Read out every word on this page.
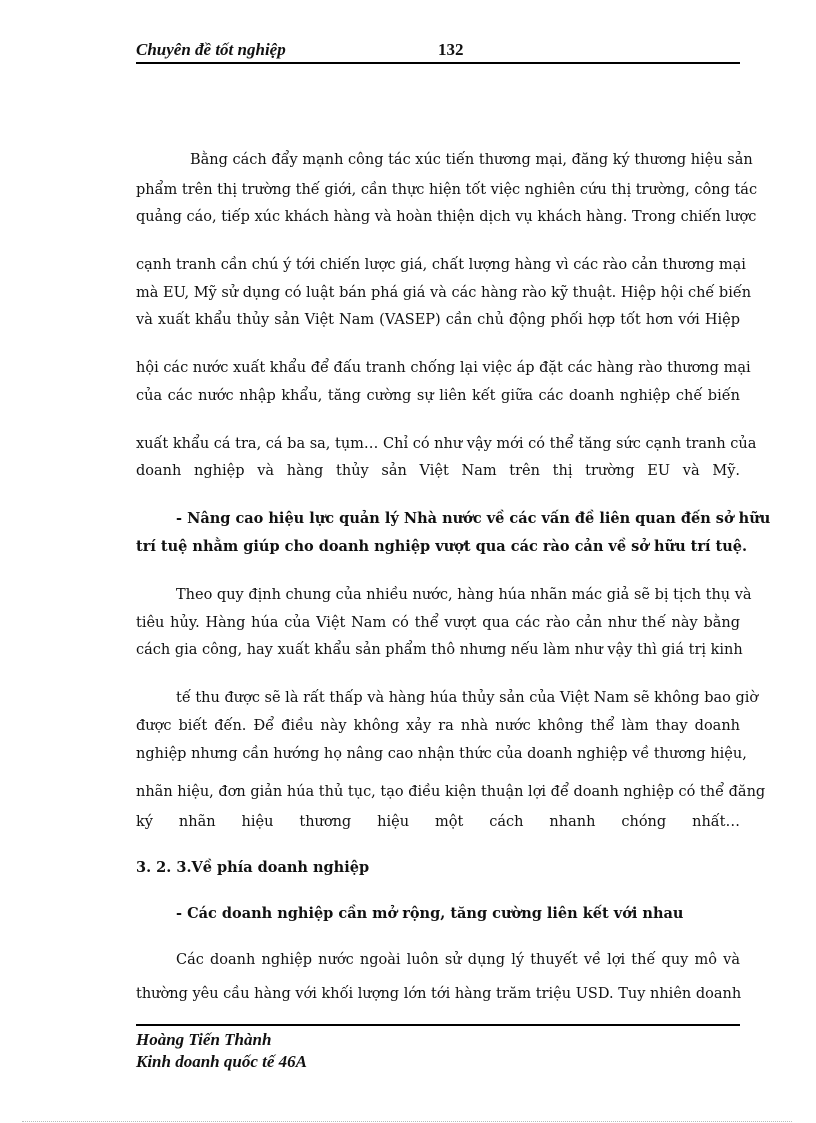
Chuyên đề tốt nghiệp	132
Bằng cách đẩy mạnh công tác xúc tiến thương mại, đăng ký thương hiệu sản
phẩm trên thị trường thế giới, cần thực hiện tốt việc nghiên cứu thị trường, công tác
quảng cáo, tiếp xúc khách hàng và hoàn thiện dịch vụ khách hàng. Trong chiến lược
cạnh tranh cần chú ý tới chiến lược giá, chất lượng hàng vì các rào cản thương mại
mà EU, Mỹ sử dụng có luật bán phá giá và các hàng rào kỹ thuật. Hiệp hội chế biến
và xuất khẩu thủy sản Việt Nam (VASEP) cần chủ động phối hợp tốt hơn với Hiệp
hội các nước xuất khẩu để đấu tranh chống lại việc áp đặt các hàng rào thương mại
của các nước nhập khẩu, tăng cường sự liên kết giữa các doanh nghiệp chế biến
xuất khẩu cá tra, cá ba sa, tụm… Chỉ có như vậy mới có thể tăng sức cạnh tranh của
doanh nghiệp và hàng thủy sản Việt Nam trên thị trường EU và Mỹ.
- Nâng cao hiệu lực quản lý Nhà nước về các vấn đề liên quan đến sở hữu
trí tuệ nhằm giúp cho doanh nghiệp vượt qua các rào cản về sở hữu trí tuệ.
Theo quy định chung của nhiều nước, hàng húa nhãn mác giả sẽ bị tịch thụ và
tiêu hủy. Hàng húa của Việt Nam có thể vượt qua các rào cản như thế này bằng
cách gia công, hay xuất khẩu sản phẩm thô nhưng nếu làm như vậy thì giá trị kinh
tế thu được sẽ là rất thấp và hàng húa thủy sản của Việt Nam sẽ không bao giờ
được biết đến. Để điều này không xảy ra nhà nước không thể làm thay doanh
nghiệp nhưng cần hướng họ nâng cao nhận thức của doanh nghiệp về thương hiệu,
nhãn hiệu, đơn giản húa thủ tục, tạo điều kiện thuận lợi để doanh nghiệp có thể đăng
ký nhãn hiệu thương hiệu một cách nhanh chóng nhất…
3. 2. 3.Về phía doanh nghiệp
- Các doanh nghiệp cần mở rộng, tăng cường liên kết với nhau
Các doanh nghiệp nước ngoài luôn sử dụng lý thuyết về lợi thế quy mô và
thường yêu cầu hàng với khối lượng lớn tới hàng trăm triệu USD. Tuy nhiên doanh
Hoàng Tiến Thành
Kinh doanh quốc tế 46A
